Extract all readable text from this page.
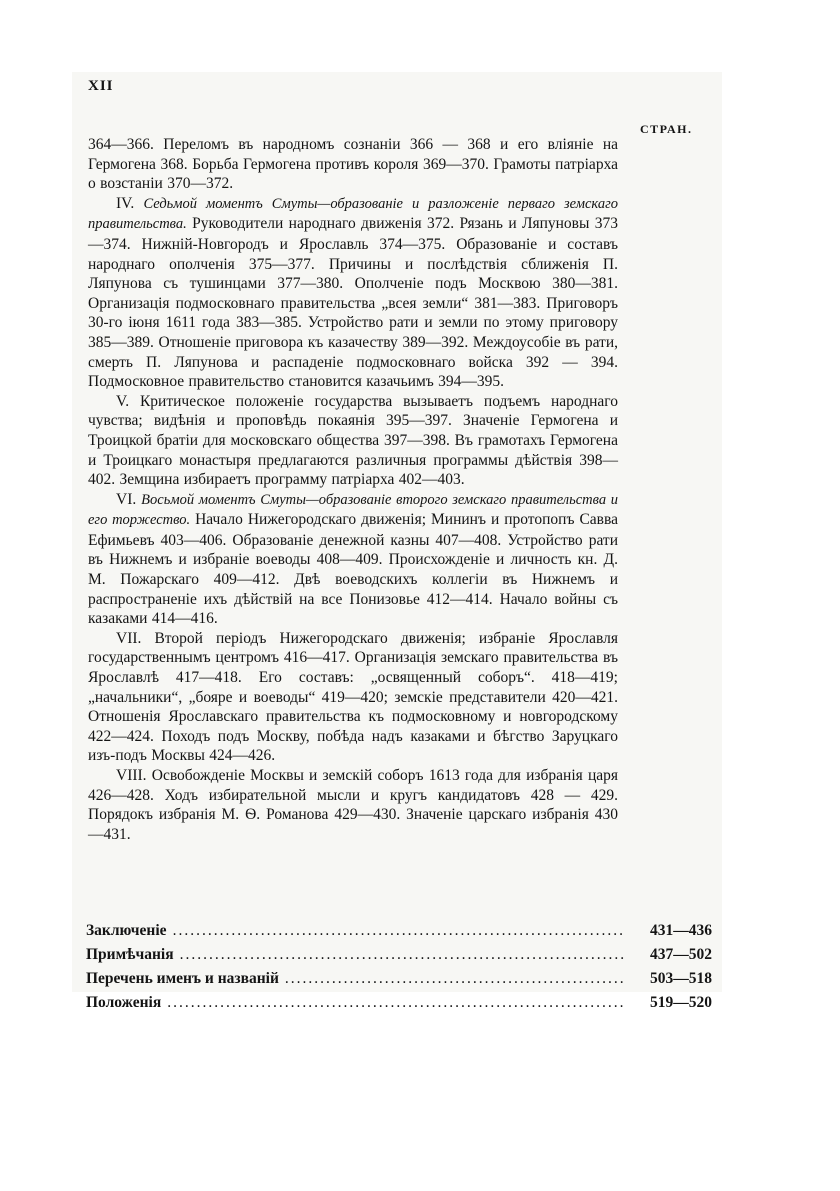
XII
СТРАН.

364—366. Переломъ въ народномъ сознаніи 366 — 368 и его вліяніе на Гермогена 368. Борьба Гермогена противъ короля 369—370. Грамоты патріарха о возстаніи 370—372.

IV. Седьмой моментъ Смуты—образованіе и разложеніе перваго земскаго правительства. Руководители народнаго движенія 372. Рязань и Ляпуновы 373—374. Нижній-Новгородъ и Ярославль 374—375. Образованіе и составъ народнаго ополченія 375—377. Причины и послѣдствія сближенія П. Ляпунова съ тушинцами 377—380. Ополченіе подъ Москвою 380—381. Организація подмосковнаго правительства „всея земли“ 381—383. Приговоръ 30-го іюня 1611 года 383—385. Устройство рати и земли по этому приговору 385—389. Отношеніе приговора къ казачеству 389—392. Междоусобіе въ рати, смерть П. Ляпунова и распаденіе подмосковнаго войска 392 — 394. Подмосковное правительство становится казачьимъ 394—395.

V. Критическое положеніе государства вызываетъ подъемъ народнаго чувства; видѣнія и проповѣдь покаянія 395—397. Значеніе Гермогена и Троицкой братіи для московскаго общества 397—398. Въ грамотахъ Гермогена и Троицкаго монастыря предлагаются различныя программы дѣйствія 398—402. Земщина избираетъ программу патріарха 402—403.

VI. Восьмой моментъ Смуты—образованіе второго земскаго правительства и его торжество. Начало Нижегородскаго движенія; Мининъ и протопопъ Савва Ефимьевъ 403—406. Образованіе денежной казны 407—408. Устройство рати въ Нижнемъ и избраніе воеводы 408—409. Происхожденіе и личность кн. Д. М. Пожарскаго 409—412. Двѣ воеводскихъ коллегіи въ Нижнемъ и распространеніе ихъ дѣйствій на все Понизовье 412—414. Начало войны съ казаками 414—416.

VII. Второй періодъ Нижегородскаго движенія; избраніе Ярославля государственнымъ центромъ 416—417. Организація земскаго правительства въ Ярославлѣ 417—418. Его составъ: „освященный соборъ“. 418—419; „начальники“, „бояре и воеводы“ 419—420; земскіе представители 420—421. Отношенія Ярославскаго правительства къ подмосковному и новгородскому 422—424. Походъ подъ Москву, побѣда надъ казаками и бѣгство Заруцкаго изъ-подъ Москвы 424—426.

VIII. Освобожденіе Москвы и земскій соборъ 1613 года для избранія царя 426—428. Ходъ избирательной мысли и кругъ кандидатовъ 428 — 429. Порядокъ избранія М. Ѳ. Романова 429—430. Значеніе царскаго избранія 430—431.

Заключеніе .....	431—436
Примѣчанія .....	437—502
Перечень именъ и названій .....	503—518
Положенія .....	519—520
